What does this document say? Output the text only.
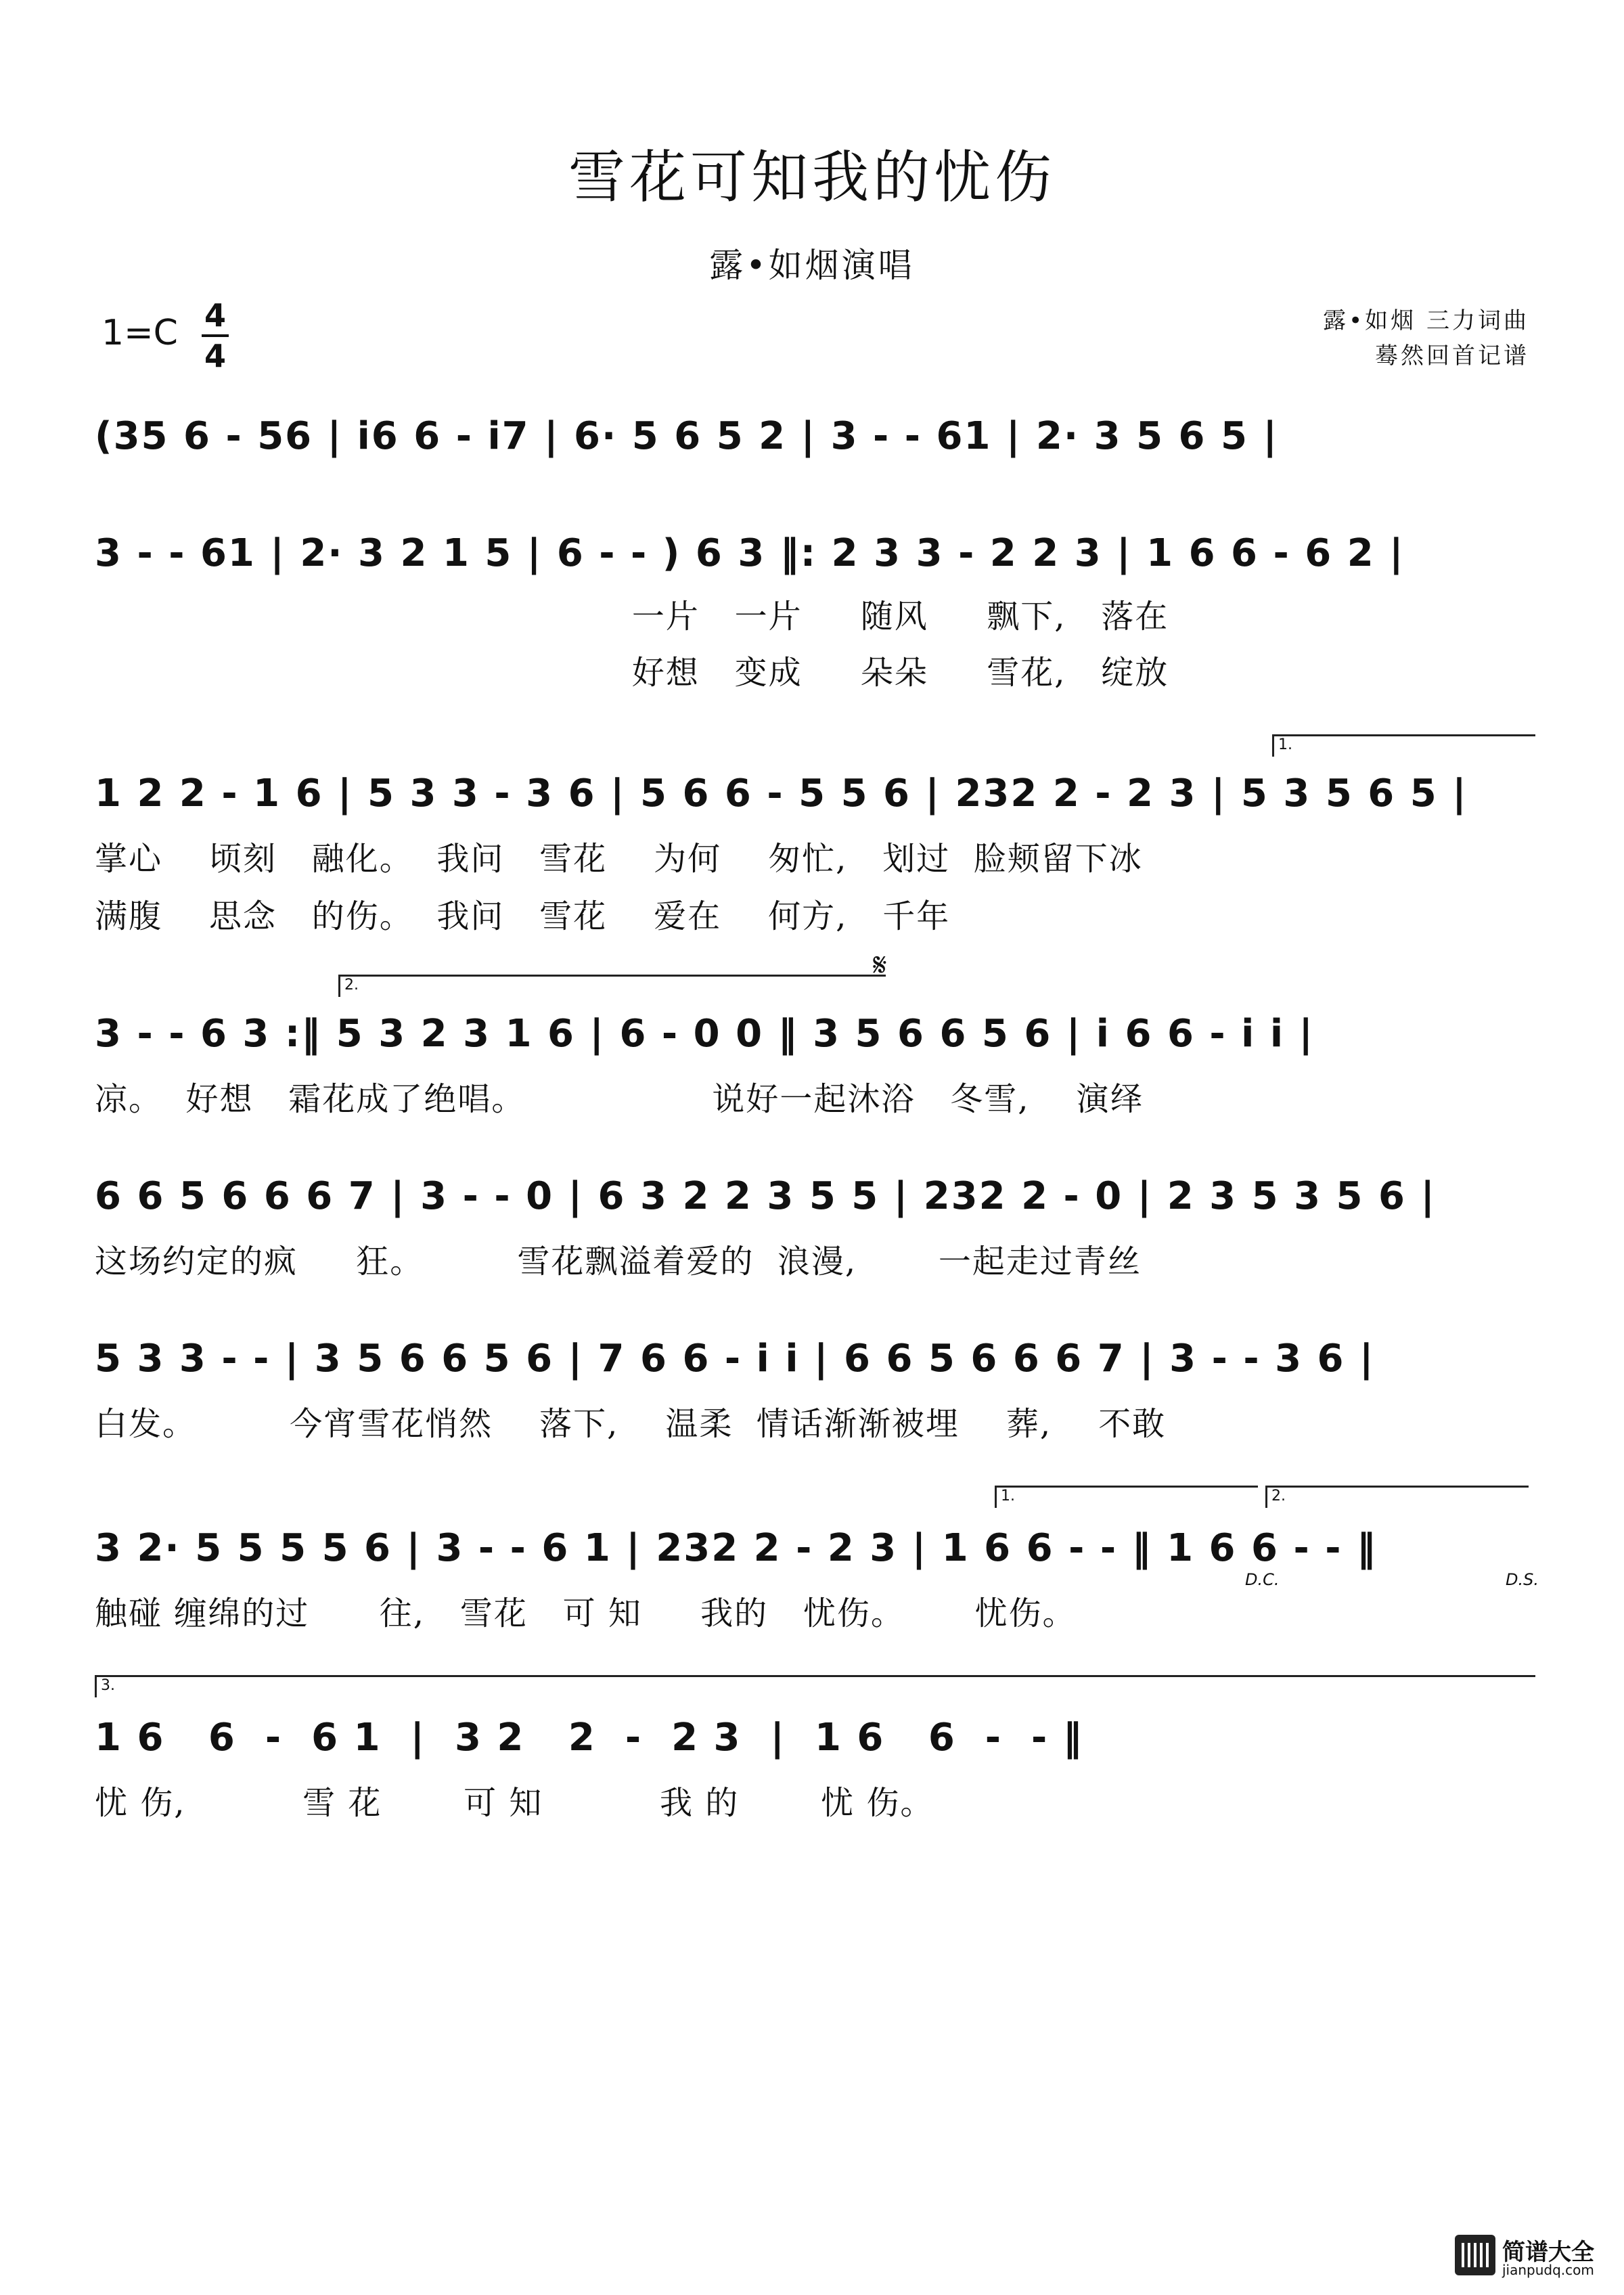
雪花可知我的忧伤
露•如烟演唱
1=C 4
4
露•如烟 三力词曲
蓦然回首记谱
(35 6 - 56 | i6 6 - i7 | 6· 5 6 5 2 | 3 - - 61 | 2· 3 5 6 5 |
3 - - 61 | 2· 3 2 1 5 | 6 - - ) 6 3 ‖: 2 3 3 - 2 2 3 | 1 6 6 - 6 2 |
一片   一片     随风     飘下,   落在
好想   变成     朵朵     雪花,   绽放
1.
1 2 2 - 1 6 | 5 3 3 - 3 6 | 5 6 6 - 5 5 6 | 232 2 - 2 3 | 5 3 5 6 5 |
掌心    顷刻   融化。  我问   雪花    为何    匆忙,   划过  脸颊留下冰
满腹    思念   的伤。  我问   雪花    爱在    何方,   千年
2.
𝄋
3 - - 6 3 :‖ 5 3 2 3 1 6 | 6 - 0 0 ‖ 3 5 6 6 5 6 | i 6 6 - i i |
凉。  好想   霜花成了绝唱。                说好一起沐浴   冬雪,    演绎
6 6 5 6 6 6 7 | 3 - - 0 | 6 3 2 2 3 5 5 | 232 2 - 0 | 2 3 5 3 5 6 |
这场约定的疯     狂。        雪花飘溢着爱的  浪漫,       一起走过青丝
5 3 3 - - | 3 5 6 6 5 6 | 7 6 6 - i i | 6 6 5 6 6 6 7 | 3 - - 3 6 |
白发。        今宵雪花悄然    落下,    温柔  情话渐渐被埋    葬,    不敢
1.	2.
3 2· 5 5 5 5 6 | 3 - - 6 1 | 232 2 - 2 3 | 1 6 6 - - ‖ 1 6 6 - - ‖
D.C.	D.S.
触碰 缠绵的过      往,   雪花   可 知     我的   忧伤。      忧伤。
3.
1 6   6  -  6 1  |  3 2   2  -  2 3  |  1 6   6  -  - ‖
忧 伤,          雪 花       可 知          我 的       忧 伤。
简谱大全
jianpudq.com
